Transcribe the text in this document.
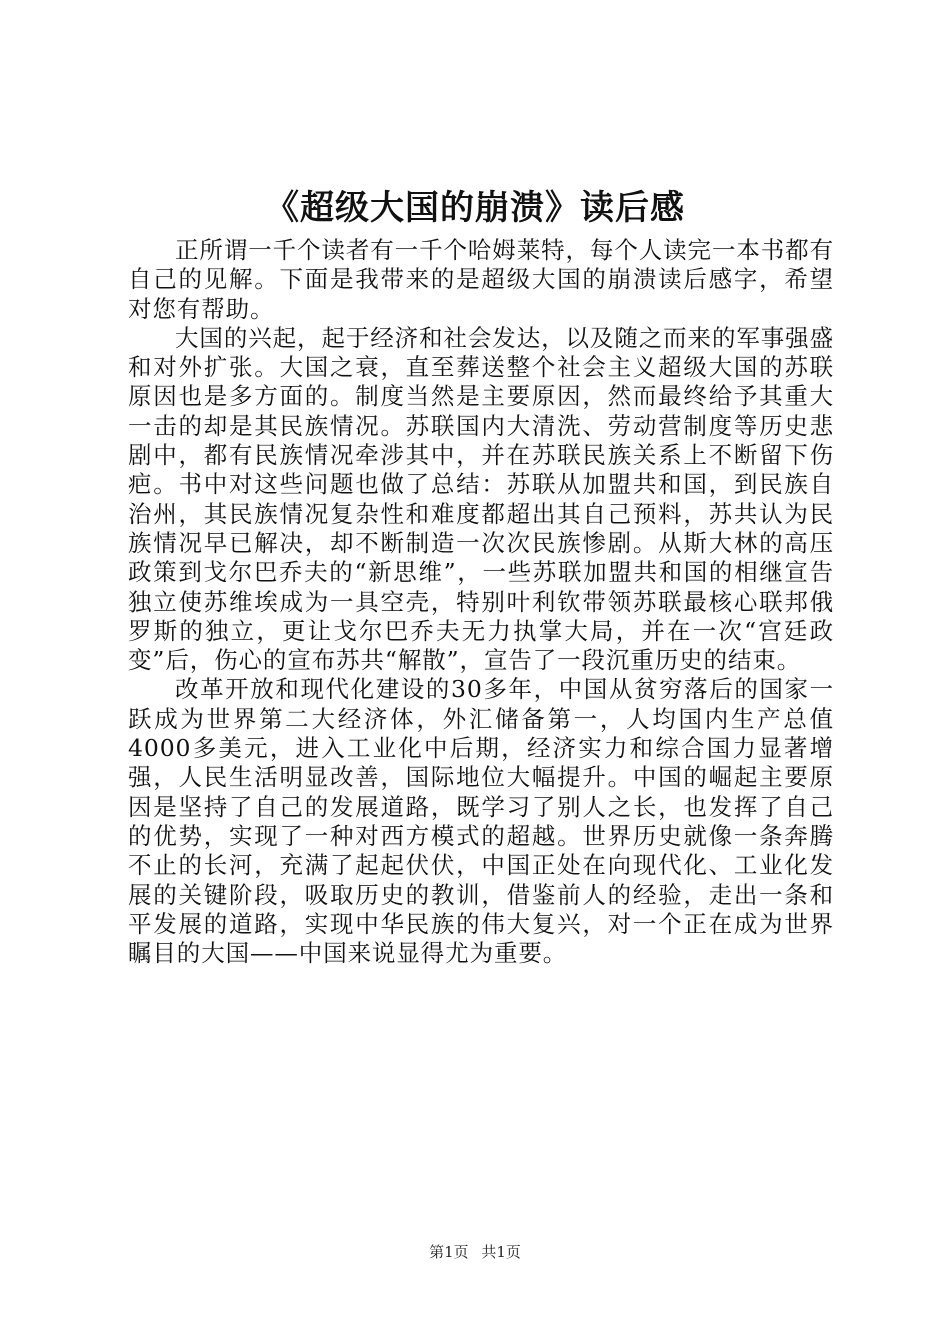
《超级大国的崩溃》读后感

正所谓一千个读者有一千个哈姆莱特，每个人读完一本书都有自己的见解。下面是我带来的是超级大国的崩溃读后感字，希望对您有帮助。

大国的兴起，起于经济和社会发达，以及随之而来的军事强盛和对外扩张。大国之衰，直至葬送整个社会主义超级大国的苏联原因也是多方面的。制度当然是主要原因，然而最终给予其重大一击的却是其民族情况。苏联国内大清洗、劳动营制度等历史悲剧中，都有民族情况牵涉其中，并在苏联民族关系上不断留下伤疤。书中对这些问题也做了总结：苏联从加盟共和国，到民族自治州，其民族情况复杂性和难度都超出其自己预料，苏共认为民族情况早已解决，却不断制造一次次民族惨剧。从斯大林的高压政策到戈尔巴乔夫的“新思维”，一些苏联加盟共和国的相继宣告独立使苏维埃成为一具空壳，特别叶利钦带领苏联最核心联邦俄罗斯的独立，更让戈尔巴乔夫无力执掌大局，并在一次“宫廷政变”后，伤心的宣布苏共“解散”，宣告了一段沉重历史的结束。

改革开放和现代化建设的30多年，中国从贫穷落后的国家一跃成为世界第二大经济体，外汇储备第一，人均国内生产总值4000多美元，进入工业化中后期，经济实力和综合国力显著增强，人民生活明显改善，国际地位大幅提升。中国的崛起主要原因是坚持了自己的发展道路，既学习了别人之长，也发挥了自己的优势，实现了一种对西方模式的超越。世界历史就像一条奔腾不止的长河，充满了起起伏伏，中国正处在向现代化、工业化发展的关键阶段，吸取历史的教训，借鉴前人的经验，走出一条和平发展的道路，实现中华民族的伟大复兴，对一个正在成为世界瞩目的大国——中国来说显得尤为重要。

第1页 共1页
